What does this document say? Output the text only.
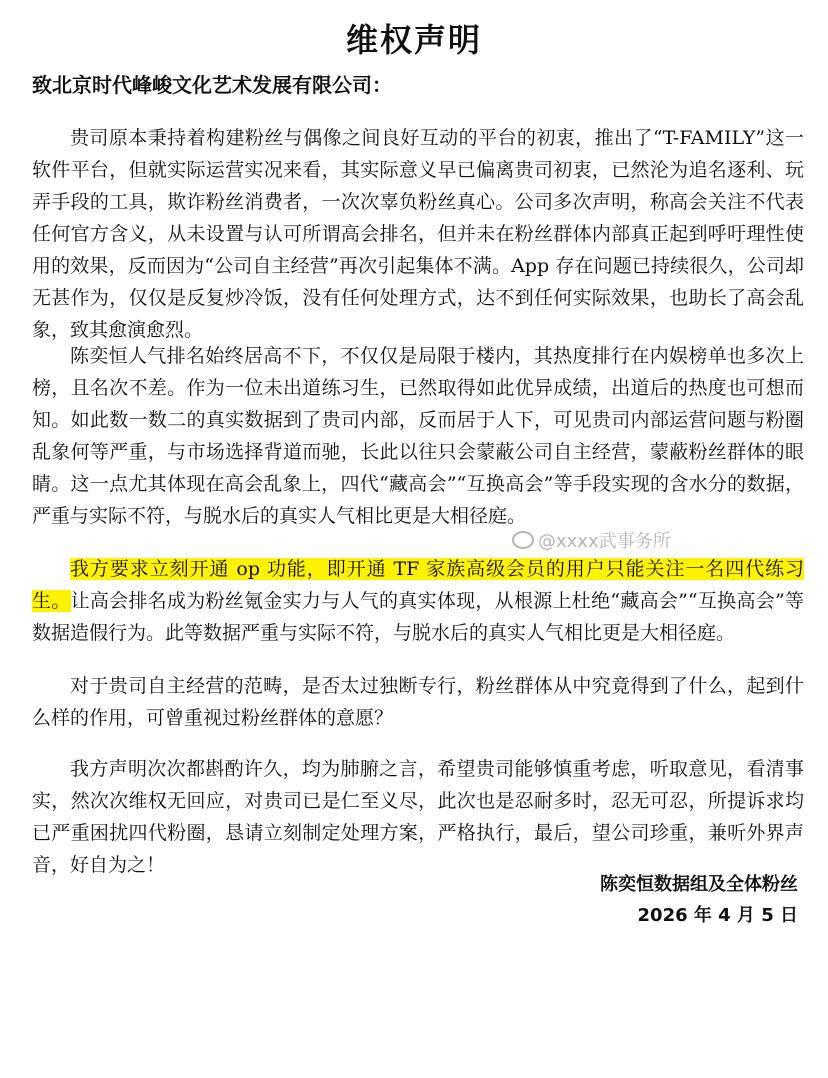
维权声明
致北京时代峰峻文化艺术发展有限公司：

贵司原本秉持着构建粉丝与偶像之间良好互动的平台的初衷，推出了“T-FAMILY”这一软件平台，但就实际运营实况来看，其实际意义早已偏离贵司初衷，已然沦为追名逐利、玩弄手段的工具，欺诈粉丝消费者，一次次辜负粉丝真心。公司多次声明，称高会关注不代表任何官方含义，从未设置与认可所谓高会排名，但并未在粉丝群体内部真正起到呼吁理性使用的效果，反而因为“公司自主经营”再次引起集体不满。App 存在问题已持续很久，公司却无甚作为，仅仅是反复炒冷饭，没有任何处理方式，达不到任何实际效果，也助长了高会乱象，致其愈演愈烈。

陈奕恒人气排名始终居高不下，不仅仅是局限于楼内，其热度排行在内娱榜单也多次上榜，且名次不差。作为一位未出道练习生，已然取得如此优异成绩，出道后的热度也可想而知。如此数一数二的真实数据到了贵司内部，反而居于人下，可见贵司内部运营问题与粉圈乱象何等严重，与市场选择背道而驰，长此以往只会蒙蔽公司自主经营，蒙蔽粉丝群体的眼睛。这一点尤其体现在高会乱象上，四代“藏高会”“互换高会”等手段实现的含水分的数据，严重与实际不符，与脱水后的真实人气相比更是大相径庭。

我方要求立刻开通 op 功能，即开通 TF 家族高级会员的用户只能关注一名四代练习生。让高会排名成为粉丝氪金实力与人气的真实体现，从根源上杜绝“藏高会”“互换高会”等数据造假行为。此等数据严重与实际不符，与脱水后的真实人气相比更是大相径庭。

对于贵司自主经营的范畴，是否太过独断专行，粉丝群体从中究竟得到了什么，起到什么样的作用，可曾重视过粉丝群体的意愿？

我方声明次次都斟酌许久，均为肺腑之言，希望贵司能够慎重考虑，听取意见，看清事实，然次次维权无回应，对贵司已是仁至义尽，此次也是忍耐多时，忍无可忍，所提诉求均已严重困扰四代粉圈，恳请立刻制定处理方案，严格执行，最后，望公司珍重，兼听外界声音，好自为之！

陈奕恒数据组及全体粉丝
2026 年 4 月 5 日
@xxxx武事务所
